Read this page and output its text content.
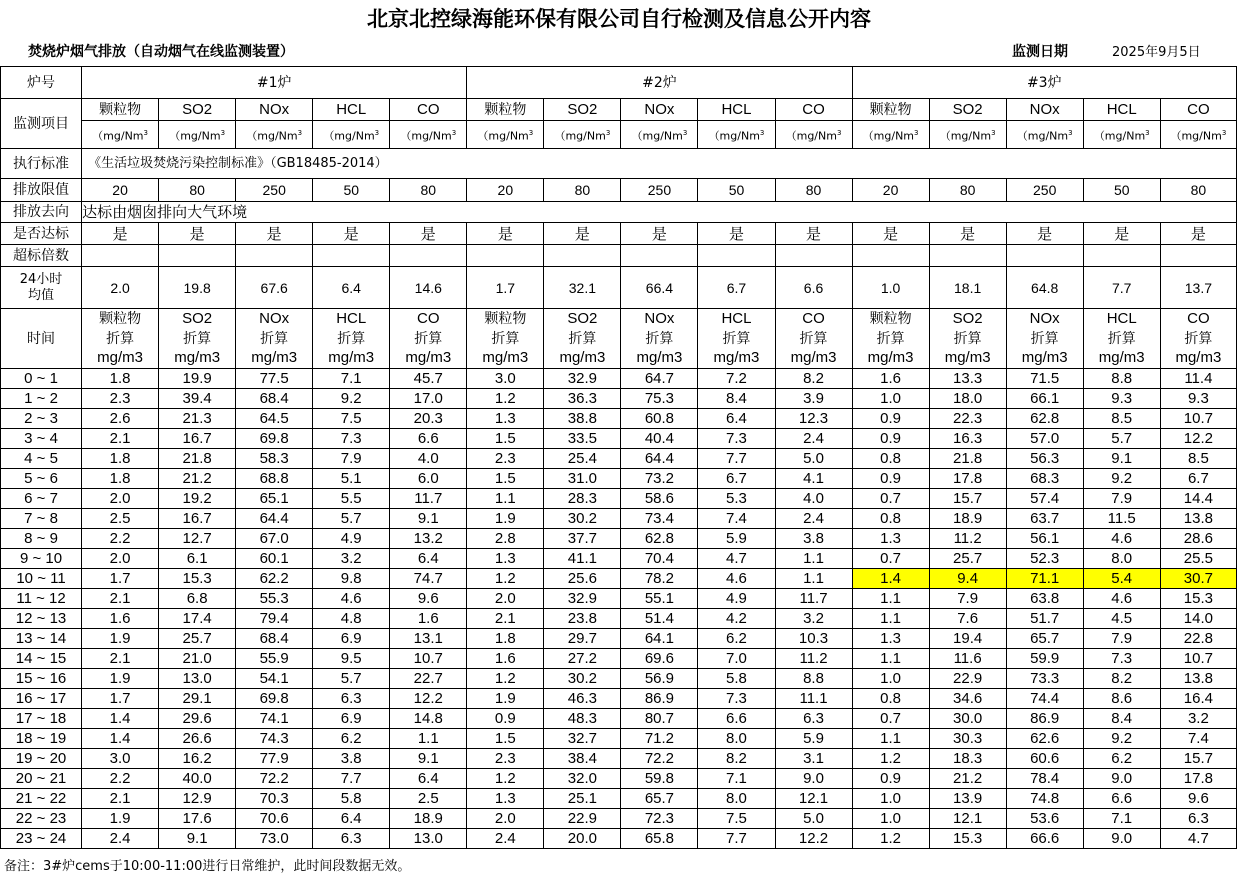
北京北控绿海能环保有限公司自行检测及信息公开内容
焚烧炉烟气排放（自动烟气在线监测装置）	监测日期	2025年9月5日
炉号	#1炉					#2炉					#3炉				
监测项目	颗粒物	SO2	NOx	HCL	CO	颗粒物	SO2	NOx	HCL	CO	颗粒物	SO2	NOx	HCL	CO
	（mg/Nm$^3$	（mg/Nm$^3$	（mg/Nm$^3$	（mg/Nm$^3$	（mg/Nm$^3$	（mg/Nm$^3$	（mg/Nm$^3$	（mg/Nm$^3$	（mg/Nm$^3$	（mg/Nm$^3$	（mg/Nm$^3$	（mg/Nm$^3$	（mg/Nm$^3$	（mg/Nm$^3$	（mg/Nm$^3$
执行标准	《生活垃圾焚烧污染控制标准》（GB18485-2014）														
排放限值	20	80	250	50	80	20	80	250	50	80	20	80	250	50	80
排放去向	达标由烟囱排向大气环境														
是否达标	是	是	是	是	是	是	是	是	是	是	是	是	是	是	是
超标倍数															

24小时
均值	2.0	19.8	67.6	6.4	14.6	1.7	32.1	66.4	6.7	6.6	1.0	18.1	64.8	7.7	13.7
时间	颗粒物	SO2	NOx	HCL	CO	颗粒物	SO2	NOx	HCL	CO	颗粒物	SO2	NOx	HCL	CO
	折算	折算	折算	折算	折算	折算	折算	折算	折算	折算	折算	折算	折算	折算	折算
	mg/m3	mg/m3	mg/m3	mg/m3	mg/m3	mg/m3	mg/m3	mg/m3	mg/m3	mg/m3	mg/m3	mg/m3	mg/m3	mg/m3	mg/m3
0 ~ 1	1.8	19.9	77.5	7.1	45.7	3.0	32.9	64.7	7.2	8.2	1.6	13.3	71.5	8.8	11.4
1 ~ 2	2.3	39.4	68.4	9.2	17.0	1.2	36.3	75.3	8.4	3.9	1.0	18.0	66.1	9.3	9.3
2 ~ 3	2.6	21.3	64.5	7.5	20.3	1.3	38.8	60.8	6.4	12.3	0.9	22.3	62.8	8.5	10.7
3 ~ 4	2.1	16.7	69.8	7.3	6.6	1.5	33.5	40.4	7.3	2.4	0.9	16.3	57.0	5.7	12.2
4 ~ 5	1.8	21.8	58.3	7.9	4.0	2.3	25.4	64.4	7.7	5.0	0.8	21.8	56.3	9.1	8.5
5 ~ 6	1.8	21.2	68.8	5.1	6.0	1.5	31.0	73.2	6.7	4.1	0.9	17.8	68.3	9.2	6.7
6 ~ 7	2.0	19.2	65.1	5.5	11.7	1.1	28.3	58.6	5.3	4.0	0.7	15.7	57.4	7.9	14.4
7 ~ 8	2.5	16.7	64.4	5.7	9.1	1.9	30.2	73.4	7.4	2.4	0.8	18.9	63.7	11.5	13.8
8 ~ 9	2.2	12.7	67.0	4.9	13.2	2.8	37.7	62.8	5.9	3.8	1.3	11.2	56.1	4.6	28.6
9 ~ 10	2.0	6.1	60.1	3.2	6.4	1.3	41.1	70.4	4.7	1.1	0.7	25.7	52.3	8.0	25.5
10 ~ 11	1.7	15.3	62.2	9.8	74.7	1.2	25.6	78.2	4.6	1.1	1.4	9.4	71.1	5.4	30.7
11 ~ 12	2.1	6.8	55.3	4.6	9.6	2.0	32.9	55.1	4.9	11.7	1.1	7.9	63.8	4.6	15.3
12 ~ 13	1.6	17.4	79.4	4.8	1.6	2.1	23.8	51.4	4.2	3.2	1.1	7.6	51.7	4.5	14.0
13 ~ 14	1.9	25.7	68.4	6.9	13.1	1.8	29.7	64.1	6.2	10.3	1.3	19.4	65.7	7.9	22.8
14 ~ 15	2.1	21.0	55.9	9.5	10.7	1.6	27.2	69.6	7.0	11.2	1.1	11.6	59.9	7.3	10.7
15 ~ 16	1.9	13.0	54.1	5.7	22.7	1.2	30.2	56.9	5.8	8.8	1.0	22.9	73.3	8.2	13.8
16 ~ 17	1.7	29.1	69.8	6.3	12.2	1.9	46.3	86.9	7.3	11.1	0.8	34.6	74.4	8.6	16.4
17 ~ 18	1.4	29.6	74.1	6.9	14.8	0.9	48.3	80.7	6.6	6.3	0.7	30.0	86.9	8.4	3.2
18 ~ 19	1.4	26.6	74.3	6.2	1.1	1.5	32.7	71.2	8.0	5.9	1.1	30.3	62.6	9.2	7.4
19 ~ 20	3.0	16.2	77.9	3.8	9.1	2.3	38.4	72.2	8.2	3.1	1.2	18.3	60.6	6.2	15.7
20 ~ 21	2.2	40.0	72.2	7.7	6.4	1.2	32.0	59.8	7.1	9.0	0.9	21.2	78.4	9.0	17.8
21 ~ 22	2.1	12.9	70.3	5.8	2.5	1.3	25.1	65.7	8.0	12.1	1.0	13.9	74.8	6.6	9.6
22 ~ 23	1.9	17.6	70.6	6.4	18.9	2.0	22.9	72.3	7.5	5.0	1.0	12.1	53.6	7.1	6.3
23 ~ 24	2.4	9.1	73.0	6.3	13.0	2.4	20.0	65.8	7.7	12.2	1.2	15.3	66.6	9.0	4.7
备注：3#炉cems于10:00-11:00进行日常维护，此时间段数据无效。
